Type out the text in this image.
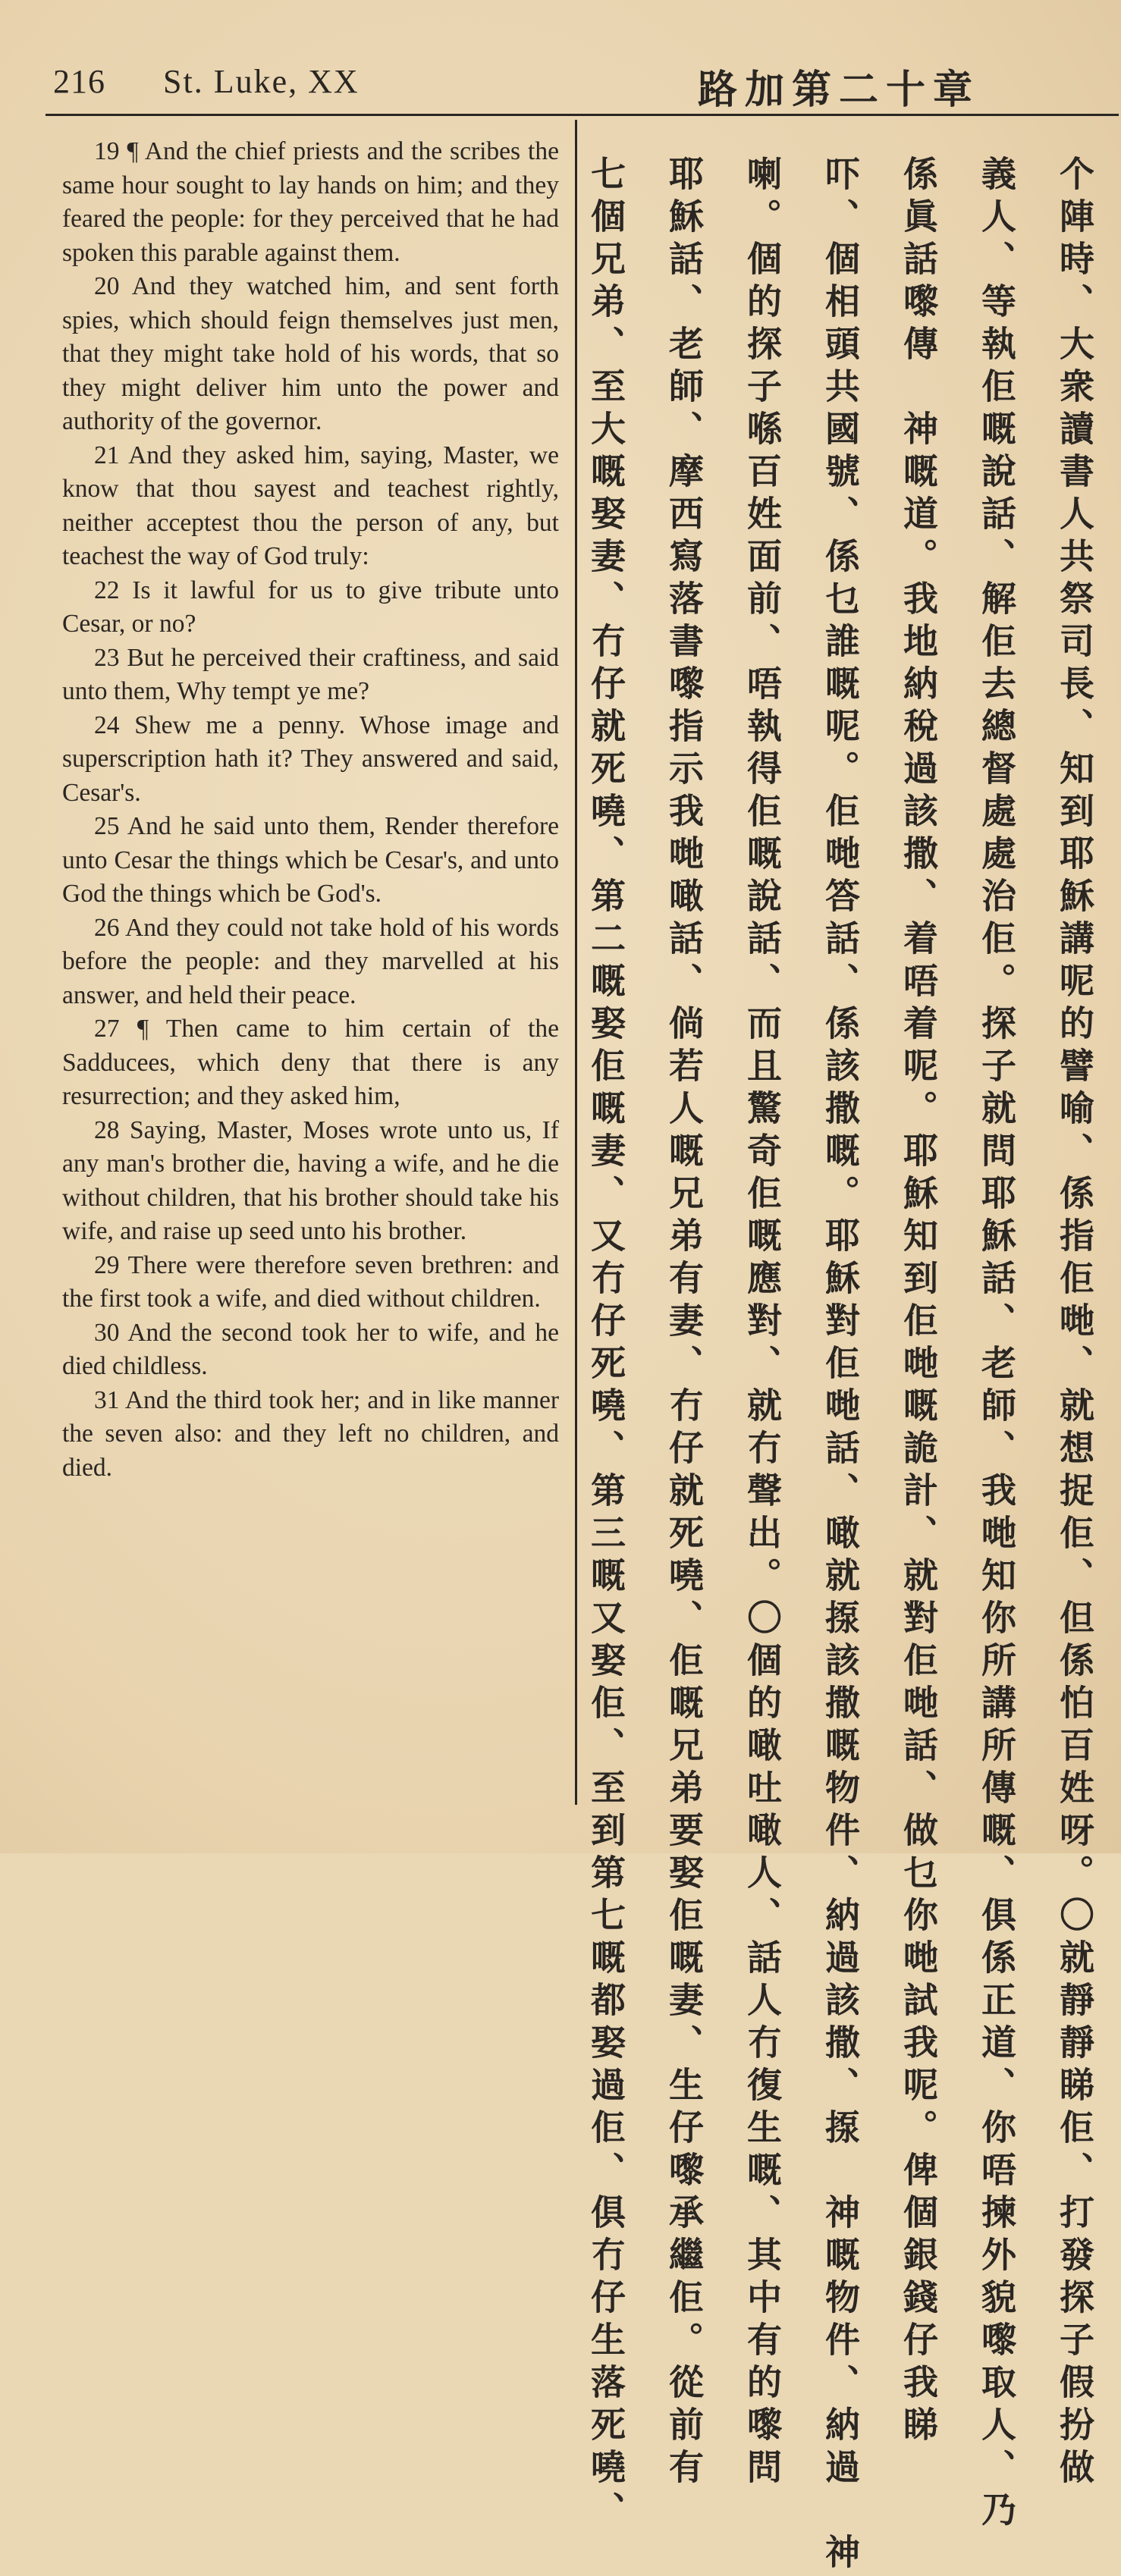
216 St. Luke, XX	路加第二十章

19 ¶ And the chief priests and the scribes the same hour sought to lay hands on him; and they feared the people: for they perceived that he had spoken this parable against them.

20 And they watched him, and sent forth spies, which should feign themselves just men, that they might take hold of his words, that so they might deliver him unto the power and authority of the governor.

21 And they asked him, saying, Master, we know that thou sayest and teachest rightly, neither acceptest thou the person of any, but teachest the way of God truly:

22 Is it lawful for us to give tribute unto Cesar, or no?

23 But he perceived their craftiness, and said unto them, Why tempt ye me?

24 Shew me a penny. Whose image and superscription hath it? They answered and said, Cesar's.

25 And he said unto them, Render therefore unto Cesar the things which be Cesar's, and unto God the things which be God's.

26 And they could not take hold of his words before the people: and they marvelled at his answer, and held their peace.

27 ¶ Then came to him certain of the Sadducees, which deny that there is any resurrection; and they asked him,

28 Saying, Master, Moses wrote unto us, If any man's brother die, having a wife, and he die without children, that his brother should take his wife, and raise up seed unto his brother.

29 There were therefore seven brethren: and the first took a wife, and died without children.

30 And the second took her to wife, and he died childless.

31 And the third took her; and in like manner the seven also: and they left no children, and died.	个陣時、大衆讀書人共祭司長、知到耶穌講呢的譬喻、係指佢哋、就想捉佢、但係怕百姓呀。〇就靜靜睇佢、打發探子假扮做
義人、等執佢嘅說話、解佢去總督處處治佢。探子就問耶穌話、老師、我哋知你所講所傳嘅、俱係正道、你唔揀外貌嚟取人、乃
係眞話嚟傳　神嘅道。我地納稅過該撒、着唔着呢。耶穌知到佢哋嘅詭計、就對佢哋話、做乜你哋試我呢。俾個銀錢仔我睇
吓、個相頭共國號、係乜誰嘅呢。佢哋答話、係該撒嘅。耶穌對佢哋話、噉就揼該撒嘅物件、納過該撒、揼　神嘅物件、納過　神
喇。個的探子喺百姓面前、唔執得佢嘅說話、而且驚奇佢嘅應對、就冇聲出。〇個的噉吐噉人、話人冇復生嘅、其中有的嚟問
耶穌話、老師、摩西寫落書嚟指示我哋噉話、倘若人嘅兄弟有妻、冇仔就死嘵、佢嘅兄弟要娶佢嘅妻、生仔嚟承繼佢。從前有
七個兄弟、至大嘅娶妻、冇仔就死嘵、第二嘅娶佢嘅妻、又冇仔死嘵、第三嘅又娶佢、至到第七嘅都娶過佢、俱冇仔生落死嘵、
